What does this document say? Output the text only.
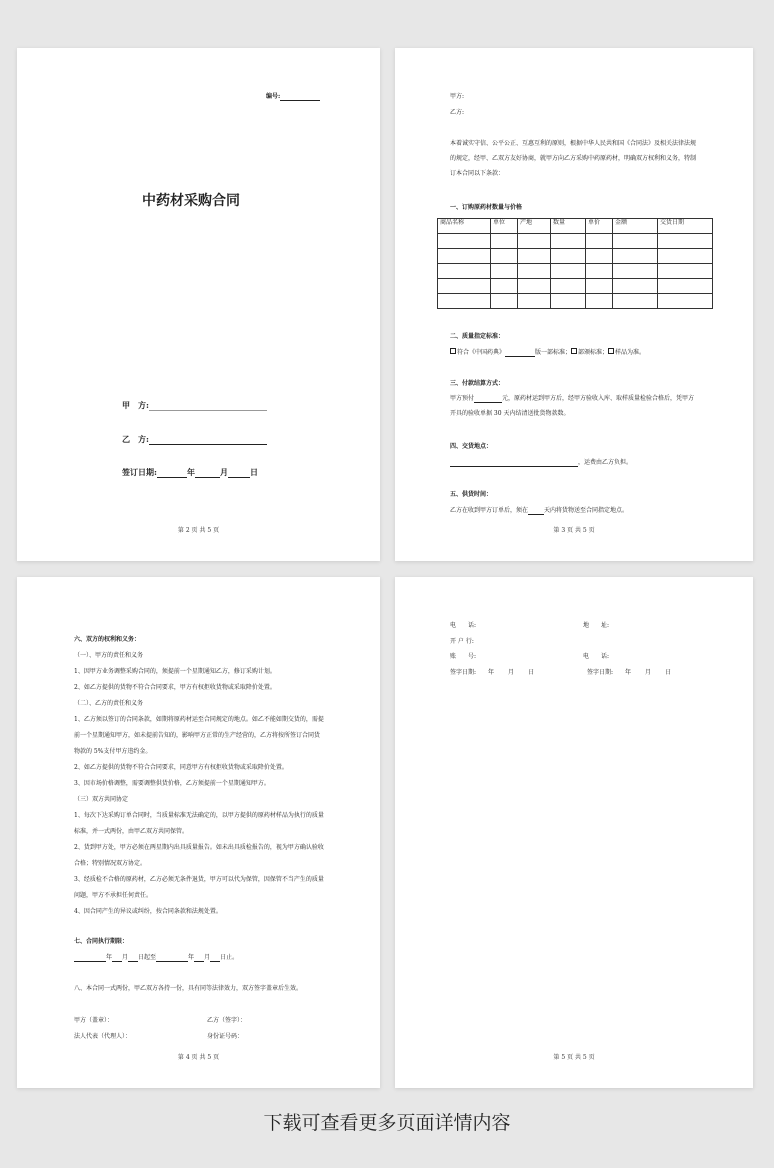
编号:
中药材采购合同
甲　方:
乙　方:
签订日期:	年	月	日
第 2 页 共 5 页
甲方:
乙方:
本着诚实守信、公平公正、互惠互利的原则，根据中华人民共和国《合同法》及相关法律法规
的规定，经甲、乙双方友好协商，就甲方向乙方采购中药原药材，明确双方权利和义务，特制
订本合同以下条款：
一、订购原药材数量与价格
商品名称	单位	产地	数量	单价	金额	交货日期

二、质量指定标准：
符合《中国药典》	版一部标准； 部颁标准； 样品为准。
三、付款结算方式：
甲方预付	元，原药材运到甲方后，经甲方验收入库、取样质量检验合格后，凭甲方
开具的验收单据 30 天内结清送批货物款数。
四、交货地点：
，运费由乙方负担。
五、供货时间：
乙方在收到甲方订单后，须在	天内将货物送至合同指定地点。
第 3 页 共 5 页
六、双方的权利和义务：
（一）、甲方的责任和义务
1、因甲方业务调整采购合同的，须提前一个星期通知乙方，修订采购计划。
2、如乙方提供的货物不符合合同要求，甲方有权拒收货物或采取降价处置。
（二）、乙方的责任和义务
1、乙方须以签订的合同条款，如期将原药材运至合同规定的地点。如乙不能如期交货的，需提
前一个星期通知甲方，如未提前告知的，影响甲方正常的生产经营的，乙方将按所签订合同货
物款的 5%支付甲方违约金。
2、如乙方提供的货物不符合合同要求，同意甲方有权拒收货物或采取降价处置。
3、因市场价格调整，需要调整供货价格，乙方须提前一个星期通知甲方。
（三）双方共同协定
1、每次下达采购订单合同时，当质量标准无法确定的，以甲方提供的原药材样品为执行的质量
标准，并一式两份，由甲乙双方共同保管。
2、货到甲方处，甲方必须在两星期内出具质量报告。如未出具质检报告的，视为甲方确认验收
合格；特别情况双方协定。
3、经质检不合格的原药材，乙方必须无条件退货，甲方可以代为保管，因保管不当产生的质量
问题，甲方不承担任何责任。
4、因合同产生的异议或纠纷，按合同条款和法规处置。
七、合同执行期限：
年 月 日起至	年 月 日止。
八、本合同一式两份，甲乙双方各持一份，具有同等法律效力，双方签字盖章后生效。
甲方（盖章）：	乙方（签字）：
法人代表（代理人）：	身份证号码：
第 4 页 共 5 页
电　　话:	地　　址:
开 户 行:
账　　号:	电　　话:
签字日期: 年 月 日	签字日期: 年 月 日
第 5 页 共 5 页
下载可查看更多页面详情内容
